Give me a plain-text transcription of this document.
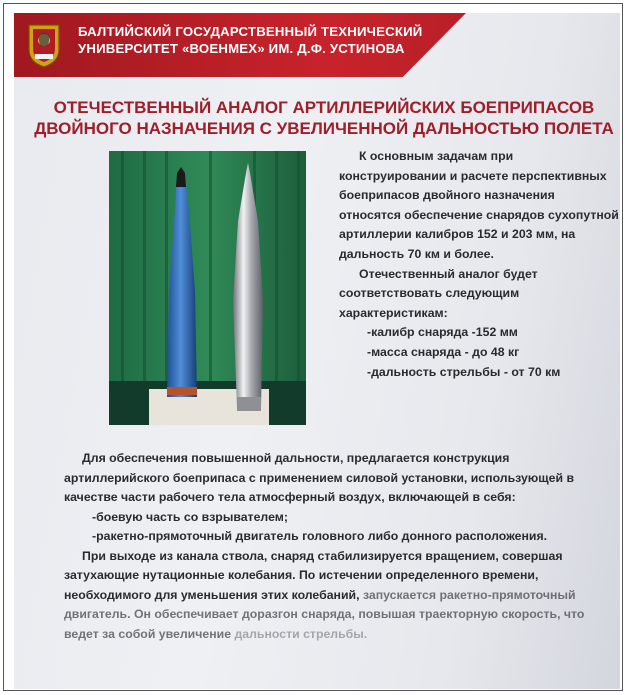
БАЛТИЙСКИЙ ГОСУДАРСТВЕННЫЙ ТЕХНИЧЕСКИЙ
УНИВЕРСИТЕТ «ВОЕНМЕХ» ИМ. Д.Ф. УСТИНОВА
ОТЕЧЕСТВЕННЫЙ АНАЛОГ АРТИЛЛЕРИЙСКИХ БОЕПРИПАСОВ
ДВОЙНОГО НАЗНАЧЕНИЯ С УВЕЛИЧЕННОЙ ДАЛЬНОСТЬЮ ПОЛЕТА

К основным задачам при конструировании и расчете перспективных боеприпасов двойного назначения относятся обеспечение снарядов сухопутной артиллерии калибров 152 и 203 мм, на дальность 70 км и более.

Отечественный аналог будет соответствовать следующим характеристикам:

-калибр снаряда -152 мм

-масса снаряда - до 48 кг

-дальность стрельбы - от 70 км

Для обеспечения повышенной дальности, предлагается конструкция артиллерийского боеприпаса с применением силовой установки, использующей в качестве части рабочего тела атмосферный воздух, включающей в себя:

-боевую часть со взрывателем;

-ракетно-прямоточный двигатель головного либо донного расположения.

При выходе из канала ствола, снаряд стабилизируется вращением, совершая затухающие нутационные колебания. По истечении определенного времени, необходимого для уменьшения этих колебаний, запускается ракетно-прямоточный двигатель. Он обеспечивает доразгон снаряда, повышая траекторную скорость, что ведет за собой увеличение дальности стрельбы.
